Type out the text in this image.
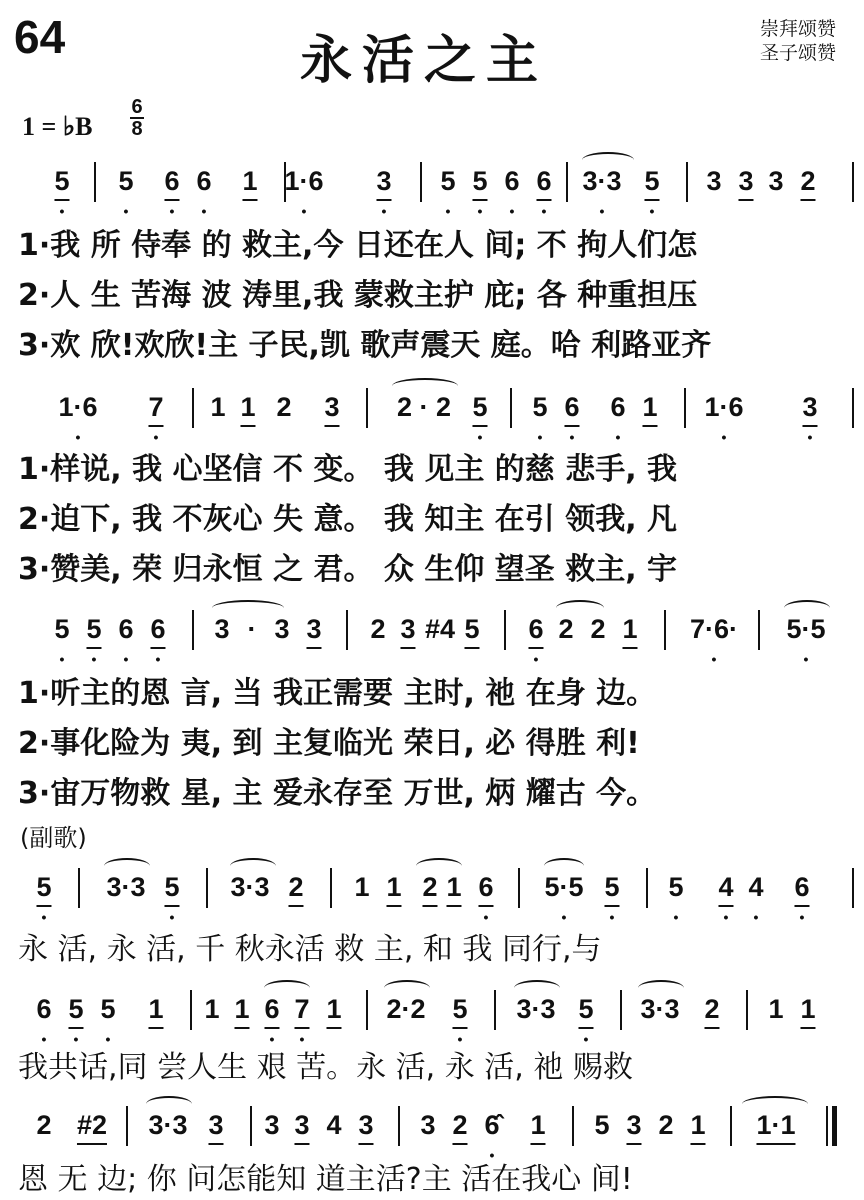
64	永活之主
崇拜颂赞
圣子颂赞
1 = ♭B
6
8
• 5 • 5 • 6 • 6 1 • 1·6 • 3 • 5 • 5 • 6 • 6 • 3·3 • 5 3 3 3 2
1·我 所 侍奉 的 救主,今 日还在人 间; 不 拘人们怎
2·人 生 苦海 波 涛里,我 蒙救主护 庇; 各 种重担压
3·欢 欣!欢欣!主 子民,凯 歌声震天 庭。哈 利路亚齐
• 1·6 • 7 1 1 2 3 2 · 2 • 5 • 5 • 6 • 6 1 • 1·6 • 3
1·样说, 我 心坚信 不 变。 我 见主 的慈 悲手, 我
2·迫下, 我 不灰心 失 意。 我 知主 在引 领我, 凡
3·赞美, 荣 归永恒 之 君。 众 生仰 望圣 救主, 宇
• 5 • 5 • 6 • 6 3 · 3 3 2 3 #4 5 • 6 2 2 1 • 7·6· • 5·5
1·听主的恩 言, 当 我正需要 主时, 祂 在身 边。
2·事化险为 夷, 到 主复临光 荣日, 必 得胜 利!
3·宙万物救 星, 主 爱永存至 万世, 炳 耀古 今。
(副歌)
• 5 3·3 • 5 3·3 2 1 1 2 1 • 6 • 5·5 • 5 • 5 • 4 • 4 • 6
永 活, 永 活, 千 秋永活 救 主, 和 我 同行,与
• 6 • 5 • 5 1 1 1 • 6 • 7 1 2·2 • 5 3·3 • 5 3·3 2 1 1
我共话,同 尝人生 艰 苦。永 活, 永 活, 祂 赐救
2 #2 3·3 3 3 3 4 3 3 2 • 6̂ 1 5 3 2 1 1·1
恩 无 边; 你 问怎能知 道主活?主 活在我心 间!
